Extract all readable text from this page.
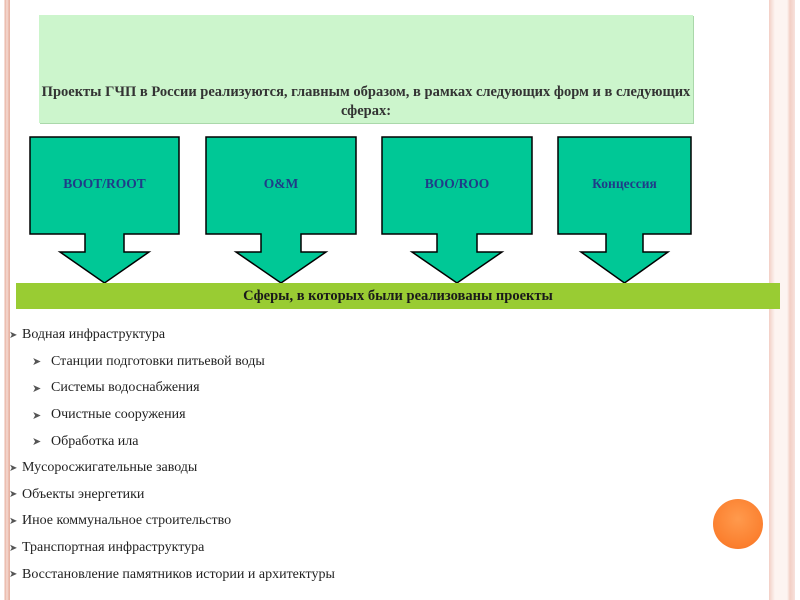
Проекты ГЧП в России реализуются, главным образом, в рамках следующих форм и в следующих сферах:
BOOT/ROOT	O&M	BOO/ROO	Концессия
Сферы, в которых были реализованы проекты
➤ Водная инфраструктура
➤ Станции подготовки питьевой воды
➤ Системы водоснабжения
➤ Очистные сооружения
➤ Обработка ила
➤ Мусоросжигательные заводы
➤ Объекты энергетики
➤ Иное коммунальное строительство
➤ Транспортная инфраструктура
➤ Восстановление памятников истории и архитектуры
